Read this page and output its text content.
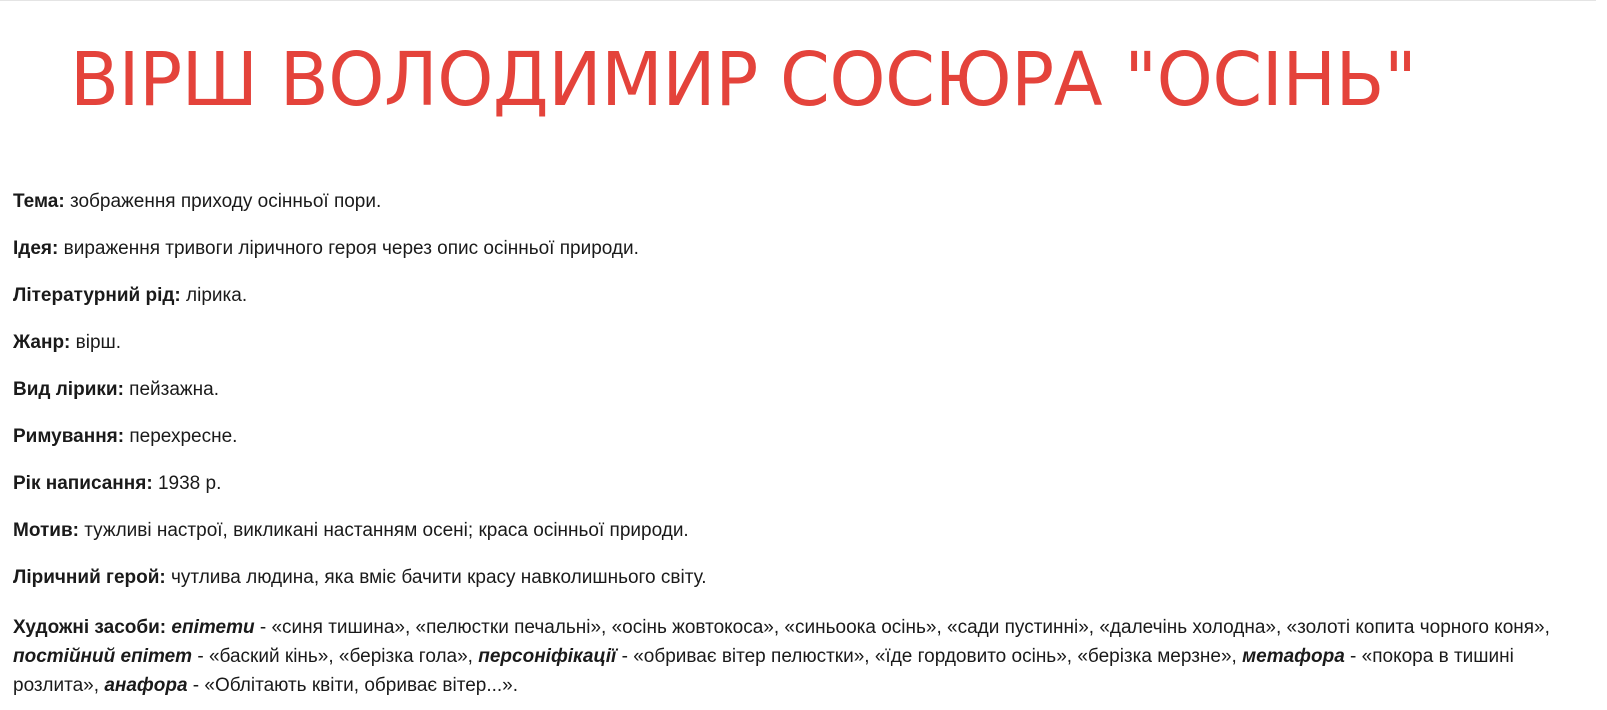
ВІРШ ВОЛОДИМИР СОСЮРА "ОСІНЬ"

Тема: зображення приходу осінньої пори.

Ідея: вираження тривоги ліричного героя через опис осінньої природи.

Літературний рід: лірика.

Жанр: вірш.

Вид лірики: пейзажна.

Римування: перехресне.

Рік написання: 1938 р.

Мотив: тужливі настрої, викликані настанням осені; краса осінньої природи.

Ліричний герой: чутлива людина, яка вміє бачити красу навколишнього світу.

Художні засоби: епітети - «синя тишина», «пелюстки печальні», «осінь жовтокоса», «синьоока осінь», «сади пустинні», «далечінь холодна», «золоті копита чорного коня», постійний епітет - «баский кінь», «берізка гола», персоніфікації - «обриває вітер пелюстки», «їде гордовито осінь», «берізка мерзне», метафора - «покора в тишині розлита», анафора - «Облітають квіти, обриває вітер...».
